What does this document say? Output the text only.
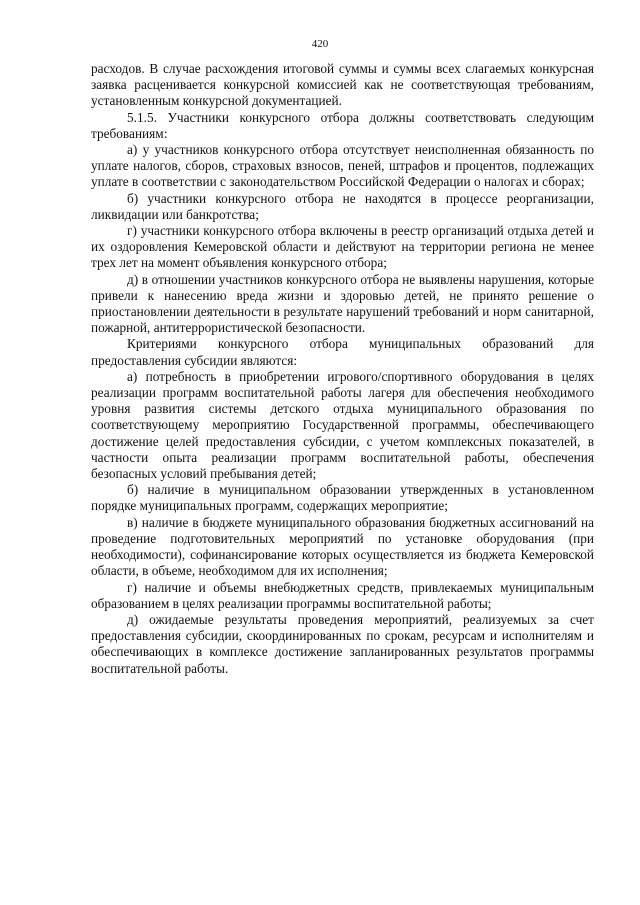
420

расходов. В случае расхождения итоговой суммы и суммы всех слагаемых конкурсная заявка расценивается конкурсной комиссией как не соответствующая требованиям, установленным конкурсной документацией.

5.1.5. Участники конкурсного отбора должны соответствовать следующим требованиям:

а) у участников конкурсного отбора отсутствует неисполненная обязанность по уплате налогов, сборов, страховых взносов, пеней, штрафов и процентов, подлежащих уплате в соответствии с законодательством Российской Федерации о налогах и сборах;

б) участники конкурсного отбора не находятся в процессе реорганизации, ликвидации или банкротства;

г) участники конкурсного отбора включены в реестр организаций отдыха детей и их оздоровления Кемеровской области и действуют на территории региона не менее трех лет на момент объявления конкурсного отбора;

д) в отношении участников конкурсного отбора не выявлены нарушения, которые привели к нанесению вреда жизни и здоровью детей, не принято решение о приостановлении деятельности в результате нарушений требований и норм санитарной, пожарной, антитеррористической безопасности.

Критериями конкурсного отбора муниципальных образований для предоставления субсидии являются:

а) потребность в приобретении игрового/спортивного оборудования в целях реализации программ воспитательной работы лагеря для обеспечения необходимого уровня развития системы детского отдыха муниципального образования по соответствующему мероприятию Государственной программы, обеспечивающего достижение целей предоставления субсидии, с учетом комплексных показателей, в частности опыта реализации программ воспитательной работы, обеспечения безопасных условий пребывания детей;

б) наличие в муниципальном образовании утвержденных в установленном порядке муниципальных программ, содержащих мероприятие;

в) наличие в бюджете муниципального образования бюджетных ассигнований на проведение подготовительных мероприятий по установке оборудования (при необходимости), софинансирование которых осуществляется из бюджета Кемеровской области, в объеме, необходимом для их исполнения;

г) наличие и объемы внебюджетных средств, привлекаемых муниципальным образованием в целях реализации программы воспитательной работы;

д) ожидаемые результаты проведения мероприятий, реализуемых за счет предоставления субсидии, скоординированных по срокам, ресурсам и исполнителям и обеспечивающих в комплексе достижение запланированных результатов программы воспитательной работы.
